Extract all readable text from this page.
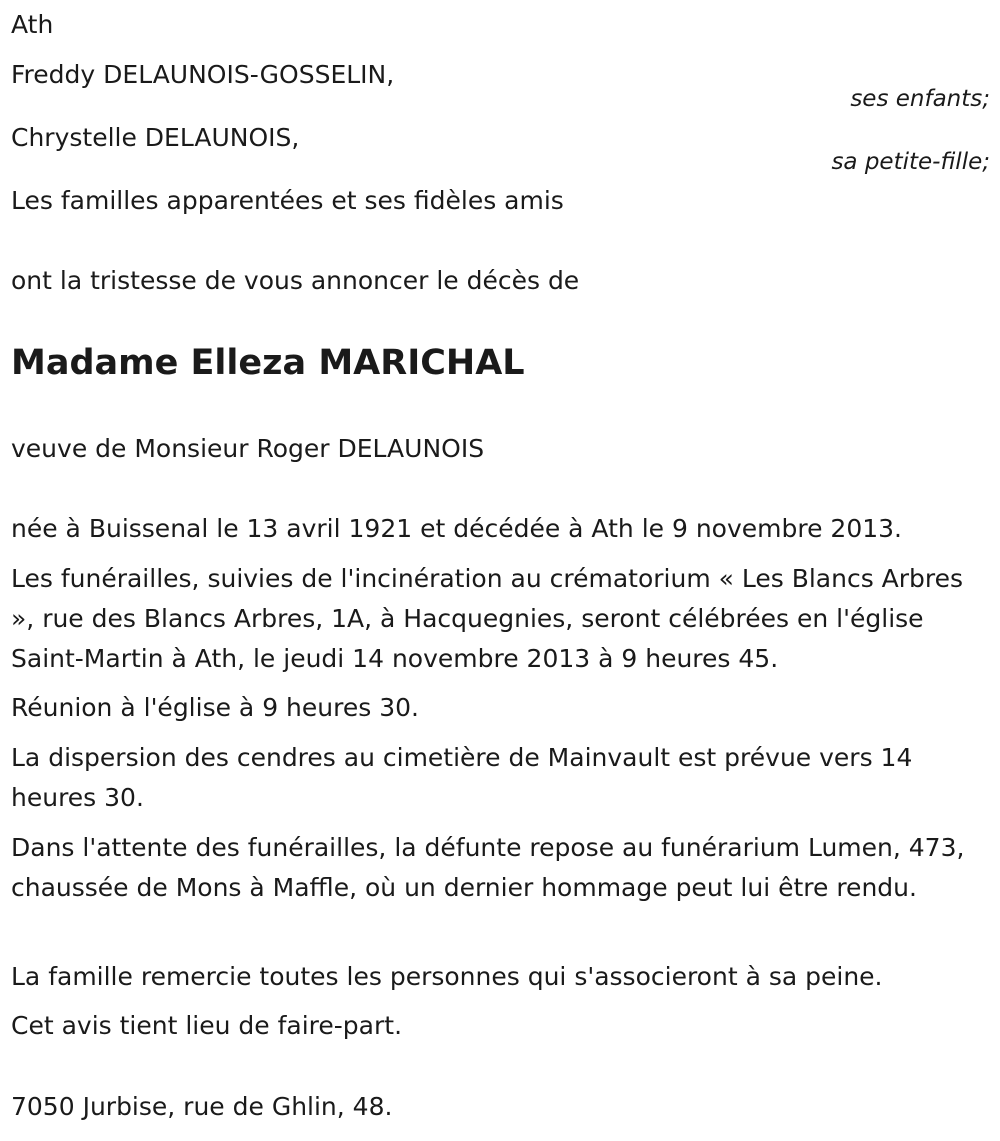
Ath
Freddy DELAUNOIS-GOSSELIN,
ses enfants;
Chrystelle DELAUNOIS,
sa petite-fille;
Les familles apparentées et ses fidèles amis
ont la tristesse de vous annoncer le décès de
Madame Elleza MARICHAL
veuve de Monsieur Roger DELAUNOIS
née à Buissenal le 13 avril 1921 et décédée à Ath le 9 novembre 2013.
Les funérailles, suivies de l'incinération au crématorium « Les Blancs Arbres », rue des Blancs Arbres, 1A, à Hacquegnies, seront célébrées en l'église Saint-Martin à Ath, le jeudi 14 novembre 2013 à 9 heures 45.
Réunion à l'église à 9 heures 30.
La dispersion des cendres au cimetière de Mainvault est prévue vers 14 heures 30.
Dans l'attente des funérailles, la défunte repose au funérarium Lumen, 473, chaussée de Mons à Maffle, où un dernier hommage peut lui être rendu.
La famille remercie toutes les personnes qui s'associeront à sa peine.
Cet avis tient lieu de faire-part.
7050 Jurbise, rue de Ghlin, 48.
